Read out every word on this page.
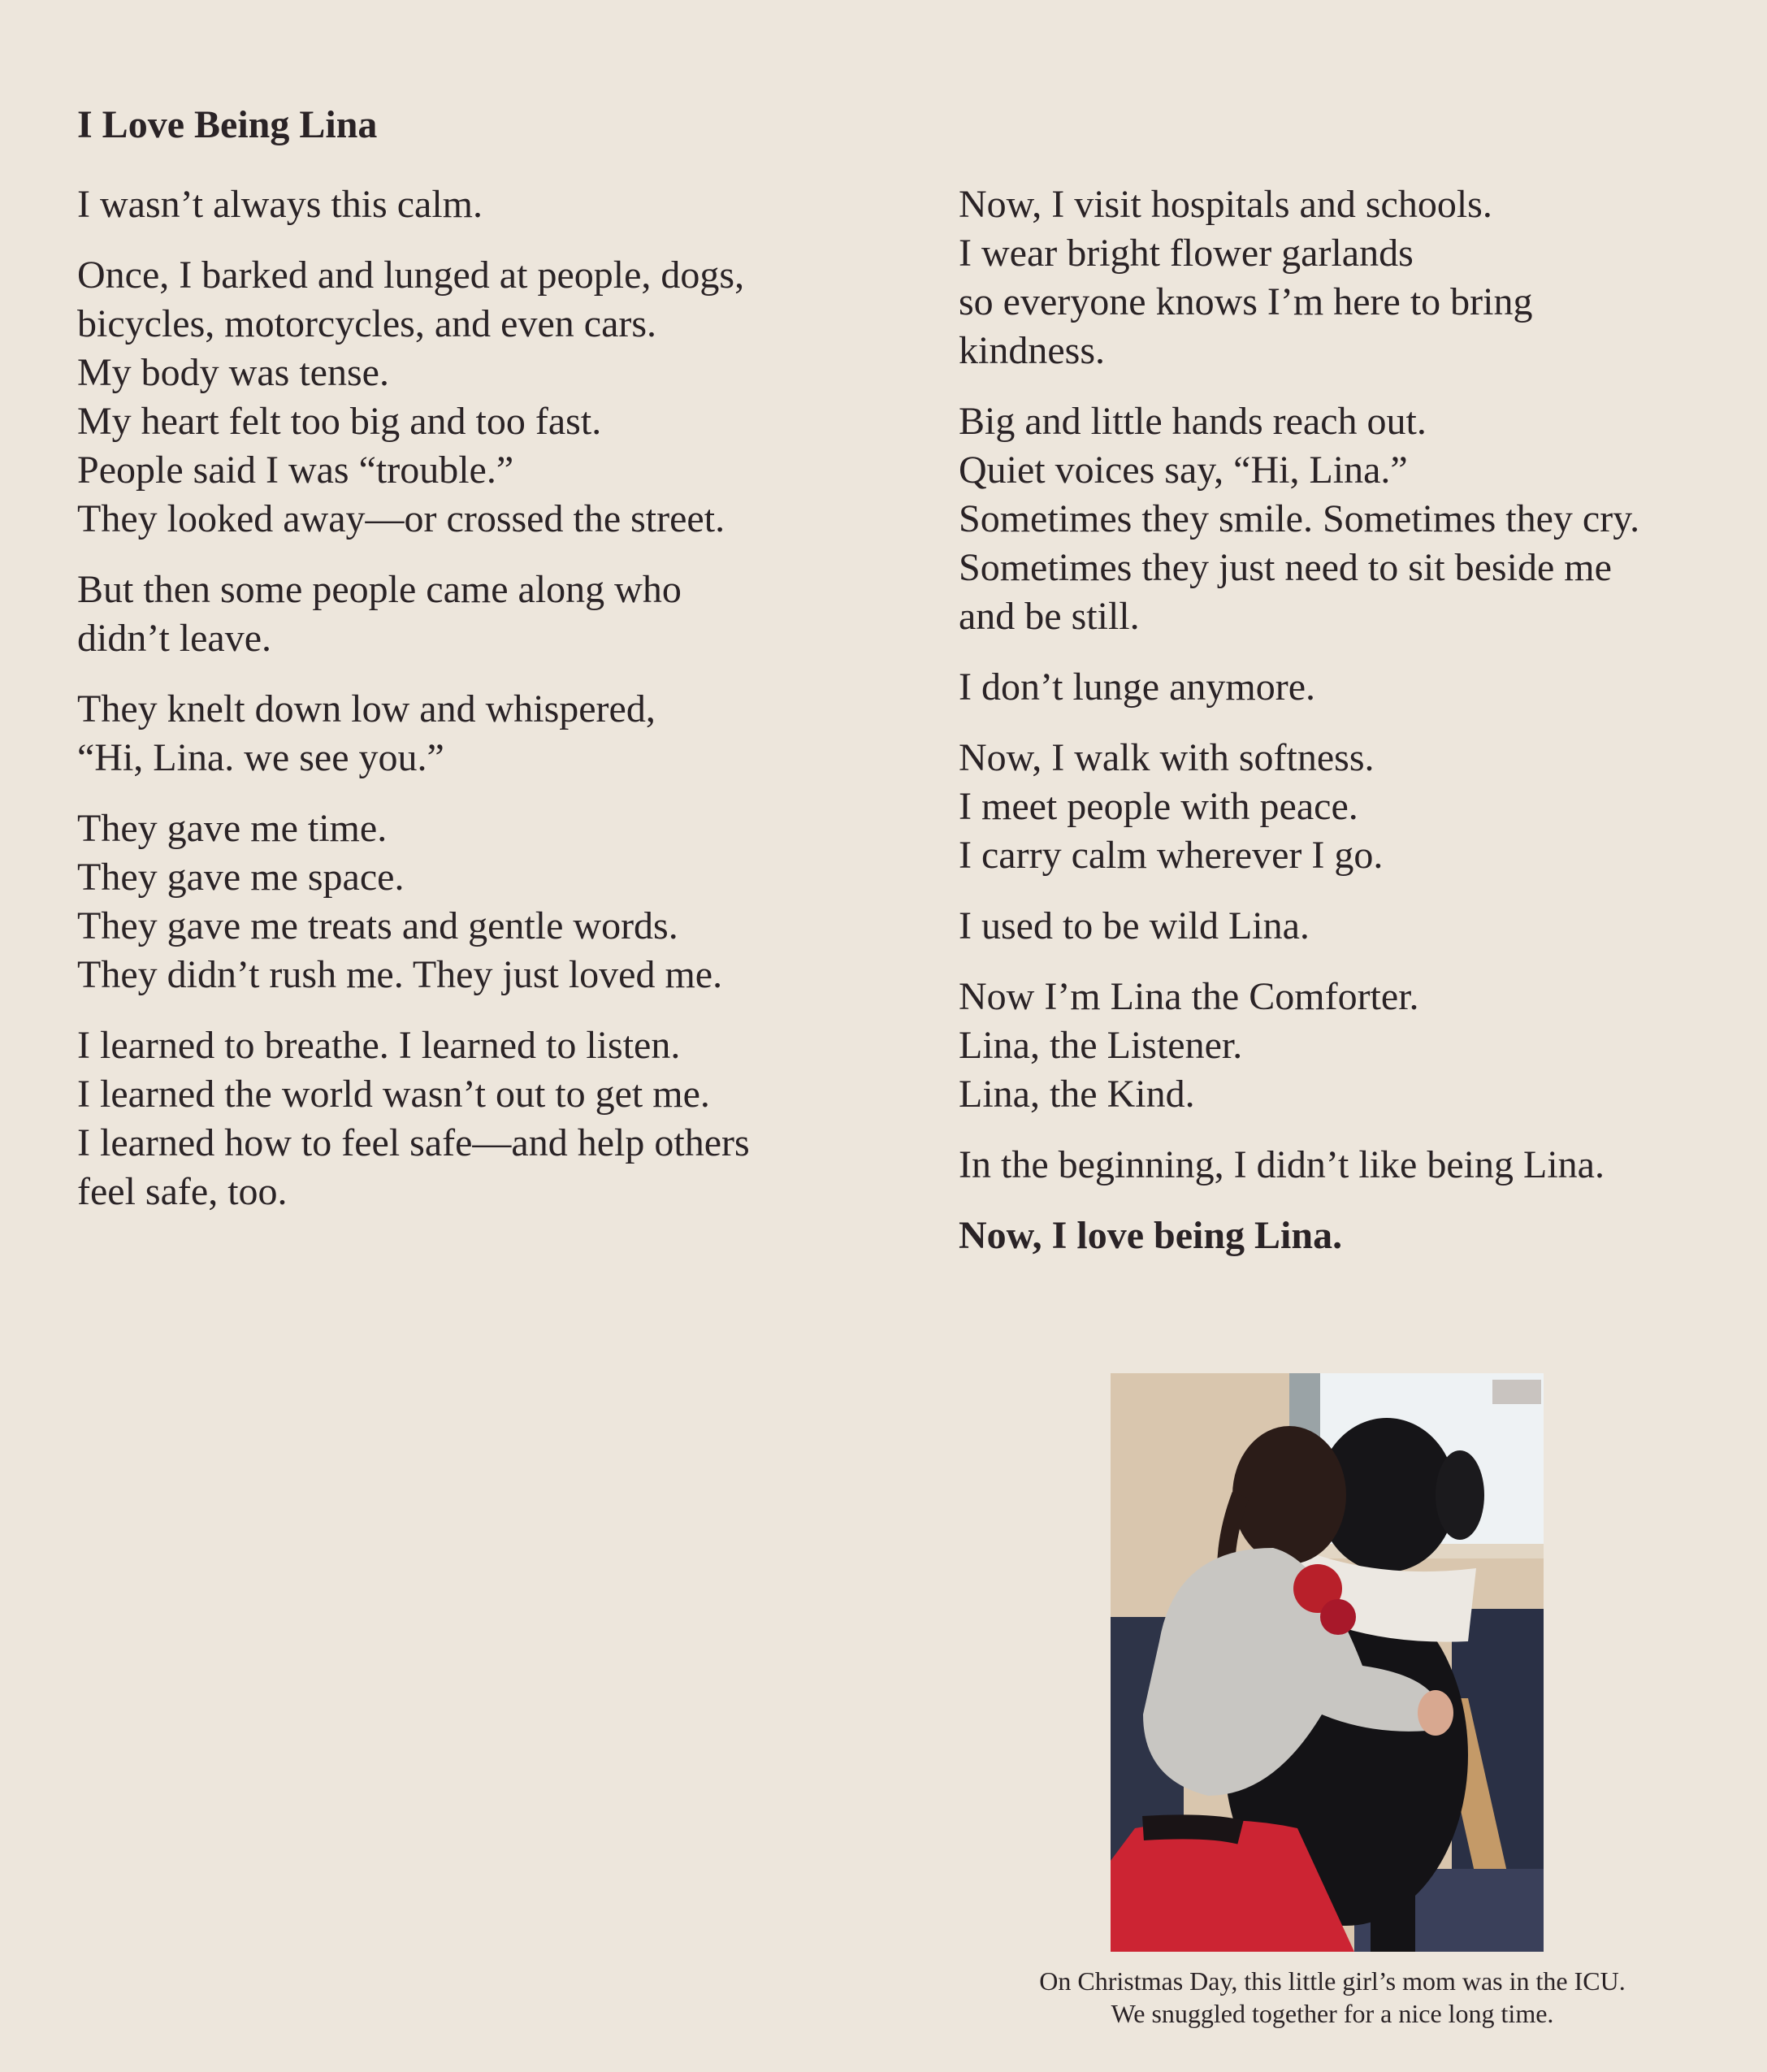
I Love Being Lina

I wasn’t always this calm.

Once, I barked and lunged at people, dogs,
bicycles, motorcycles, and even cars.
My body was tense.
My heart felt too big and too fast.
People said I was “trouble.”
They looked away—or crossed the street.

But then some people came along who
didn’t leave.

They knelt down low and whispered,
“Hi, Lina. we see you.”

They gave me time.
They gave me space.
They gave me treats and gentle words.
They didn’t rush me. They just loved me.

I learned to breathe. I learned to listen.
I learned the world wasn’t out to get me.
I learned how to feel safe—and help others
feel safe, too.

Now, I visit hospitals and schools.
I wear bright flower garlands
so everyone knows I’m here to bring
kindness.

Big and little hands reach out.
Quiet voices say, “Hi, Lina.”
Sometimes they smile. Sometimes they cry.
Sometimes they just need to sit beside me
and be still.

I don’t lunge anymore.

Now, I walk with softness.
I meet people with peace.
I carry calm wherever I go.

I used to be wild Lina.

Now I’m Lina the Comforter.
Lina, the Listener.
Lina, the Kind.

In the beginning, I didn’t like being Lina.

Now, I love being Lina.

On Christmas Day, this little girl’s mom was in the ICU.
We snuggled together for a nice long time.
